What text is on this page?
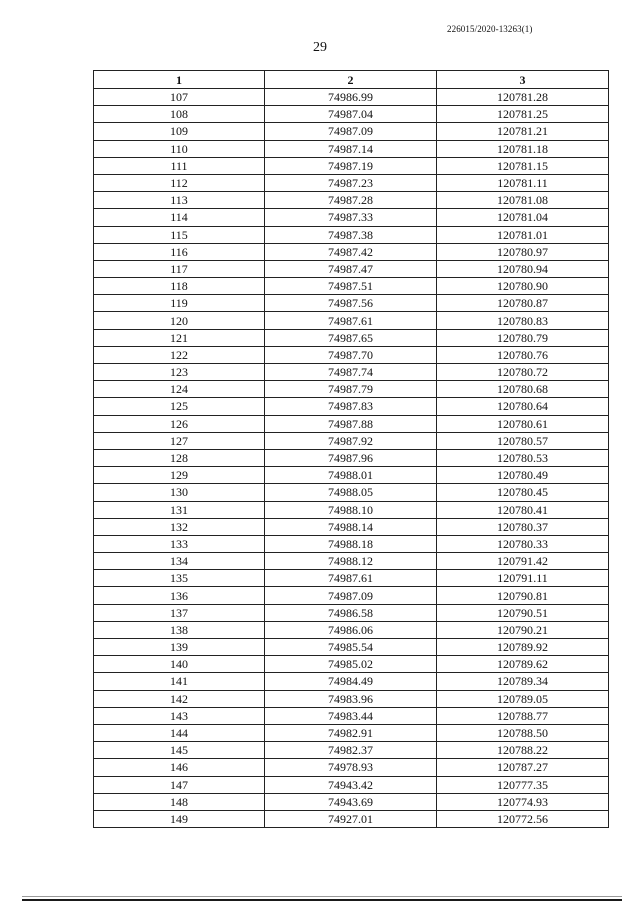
226015/2020-13263(1)
29
1	2	3
107	74986.99	120781.28
108	74987.04	120781.25
109	74987.09	120781.21
110	74987.14	120781.18
111	74987.19	120781.15
112	74987.23	120781.11
113	74987.28	120781.08
114	74987.33	120781.04
115	74987.38	120781.01
116	74987.42	120780.97
117	74987.47	120780.94
118	74987.51	120780.90
119	74987.56	120780.87
120	74987.61	120780.83
121	74987.65	120780.79
122	74987.70	120780.76
123	74987.74	120780.72
124	74987.79	120780.68
125	74987.83	120780.64
126	74987.88	120780.61
127	74987.92	120780.57
128	74987.96	120780.53
129	74988.01	120780.49
130	74988.05	120780.45
131	74988.10	120780.41
132	74988.14	120780.37
133	74988.18	120780.33
134	74988.12	120791.42
135	74987.61	120791.11
136	74987.09	120790.81
137	74986.58	120790.51
138	74986.06	120790.21
139	74985.54	120789.92
140	74985.02	120789.62
141	74984.49	120789.34
142	74983.96	120789.05
143	74983.44	120788.77
144	74982.91	120788.50
145	74982.37	120788.22
146	74978.93	120787.27
147	74943.42	120777.35
148	74943.69	120774.93
149	74927.01	120772.56
